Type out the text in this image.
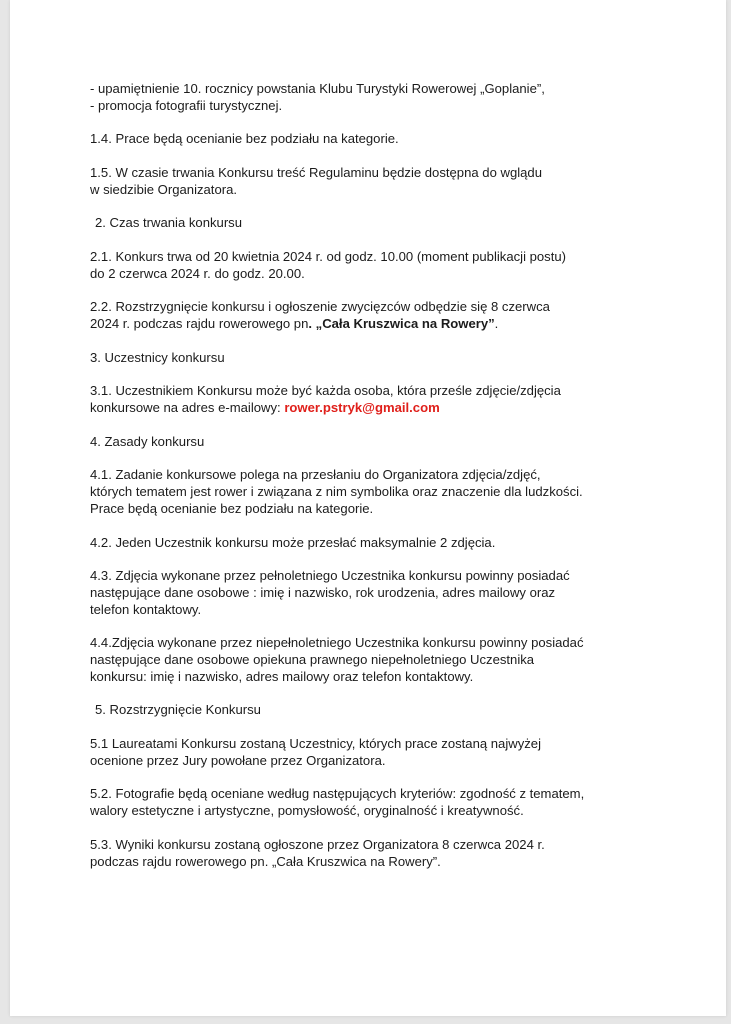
- upamiętnienie 10. rocznicy powstania Klubu Turystyki Rowerowej „Goplanie”,
- promocja fotografii turystycznej.
1.4. Prace będą ocenianie bez podziału na kategorie.
1.5. W czasie trwania Konkursu treść Regulaminu będzie dostępna do wglądu
w siedzibie Organizatora.
2. Czas trwania konkursu
2.1. Konkurs trwa od 20 kwietnia 2024 r. od godz. 10.00 (moment publikacji postu)
do 2 czerwca 2024 r. do godz. 20.00.
2.2. Rozstrzygnięcie konkursu i ogłoszenie zwycięzców odbędzie się 8 czerwca
2024 r. podczas rajdu rowerowego pn. „Cała Kruszwica na Rowery”.
3. Uczestnicy konkursu
3.1. Uczestnikiem Konkursu może być każda osoba, która prześle zdjęcie/zdjęcia
konkursowe na adres e-mailowy: rower.pstryk@gmail.com
4. Zasady konkursu
4.1. Zadanie konkursowe polega na przesłaniu do Organizatora zdjęcia/zdjęć,
których tematem jest rower i związana z nim symbolika oraz znaczenie dla ludzkości.
Prace będą ocenianie bez podziału na kategorie.
4.2. Jeden Uczestnik konkursu może przesłać maksymalnie 2 zdjęcia.
4.3. Zdjęcia wykonane przez pełnoletniego Uczestnika konkursu powinny posiadać
następujące dane osobowe : imię i nazwisko, rok urodzenia, adres mailowy oraz
telefon kontaktowy.
4.4.Zdjęcia wykonane przez niepełnoletniego Uczestnika konkursu powinny posiadać
następujące dane osobowe opiekuna prawnego niepełnoletniego Uczestnika
konkursu: imię i nazwisko, adres mailowy oraz telefon kontaktowy.
5. Rozstrzygnięcie Konkursu
5.1 Laureatami Konkursu zostaną Uczestnicy, których prace zostaną najwyżej
ocenione przez Jury powołane przez Organizatora.
5.2. Fotografie będą oceniane według następujących kryteriów: zgodność z tematem,
walory estetyczne i artystyczne, pomysłowość, oryginalność i kreatywność.
5.3. Wyniki konkursu zostaną ogłoszone przez Organizatora 8 czerwca 2024 r.
podczas rajdu rowerowego pn. „Cała Kruszwica na Rowery”.
